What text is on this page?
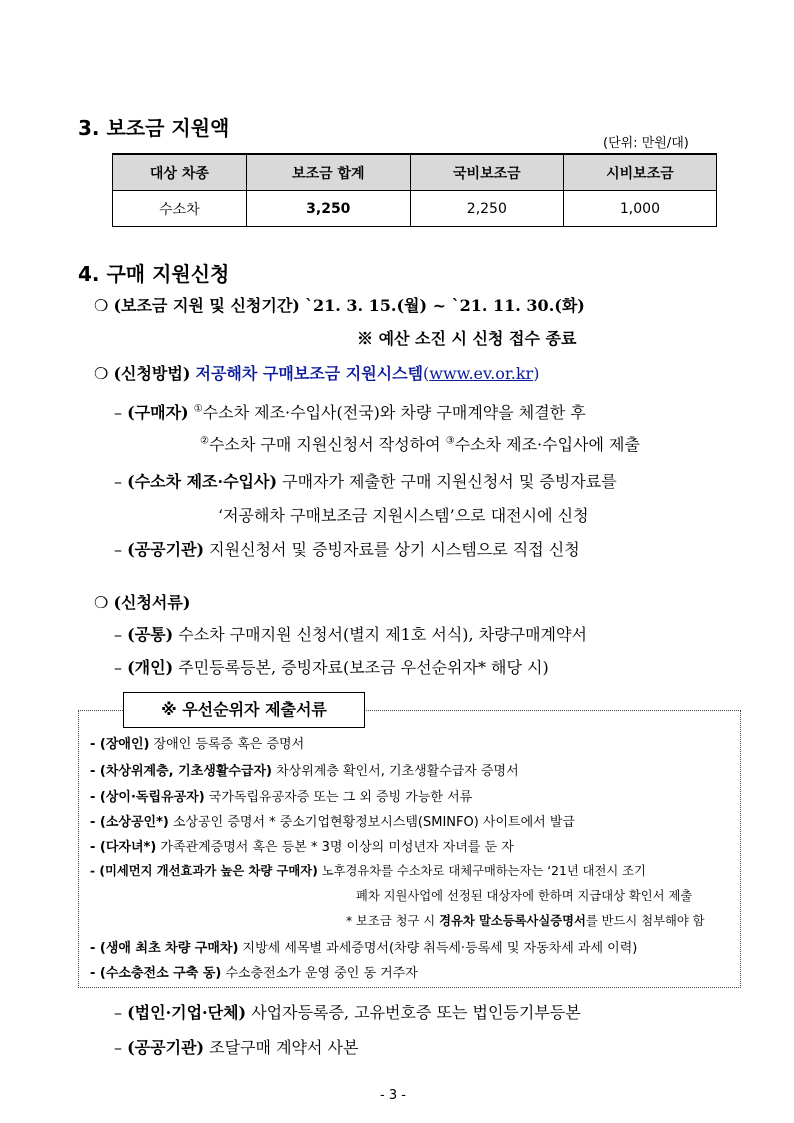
3. 보조금 지원액
(단위: 만원/대)
대상 차종	보조금 합계	국비보조금	시비보조금
수소차	3,250	2,250	1,000
4. 구매 지원신청
❍ (보조금 지원 및 신청기간) `21. 3. 15.(월) ~ `21. 11. 30.(화)
※ 예산 소진 시 신청 접수 종료
❍ (신청방법) 저공해차 구매보조금 지원시스템(www.ev.or.kr)
– (구매자) ①수소차 제조·수입사(전국)와 차량 구매계약을 체결한 후
②수소차 구매 지원신청서 작성하여 ③수소차 제조·수입사에 제출
– (수소차 제조·수입사) 구매자가 제출한 구매 지원신청서 및 증빙자료를
‘저공해차 구매보조금 지원시스템’으로 대전시에 신청
– (공공기관) 지원신청서 및 증빙자료를 상기 시스템으로 직접 신청
❍ (신청서류)
– (공통) 수소차 구매지원 신청서(별지 제1호 서식), 차량구매계약서
– (개인) 주민등록등본, 증빙자료(보조금 우선순위자* 해당 시)
※ 우선순위자 제출서류
- (장애인) 장애인 등록증 혹은 증명서
- (차상위계층, 기초생활수급자) 차상위계층 확인서, 기초생활수급자 증명서
- (상이·독립유공자) 국가독립유공자증 또는 그 외 증빙 가능한 서류
- (소상공인*) 소상공인 증명서 * 중소기업현황정보시스템(SMINFO) 사이트에서 발급
- (다자녀*) 가족관계증명서 혹은 등본 * 3명 이상의 미성년자 자녀를 둔 자
- (미세먼지 개선효과가 높은 차량 구매자) 노후경유차를 수소차로 대체구매하는자는 ‘21년 대전시 조기
폐차 지원사업에 선정된 대상자에 한하며 지급대상 확인서 제출
* 보조금 청구 시 경유차 말소등록사실증명서를 반드시 첨부해야 함
- (생애 최초 차량 구매차) 지방세 세목별 과세증명서(차량 취득세·등록세 및 자동차세 과세 이력)
- (수소충전소 구축 동) 수소충전소가 운영 중인 동 거주자
– (법인·기업·단체) 사업자등록증, 고유번호증 또는 법인등기부등본
– (공공기관) 조달구매 계약서 사본
- 3 -
